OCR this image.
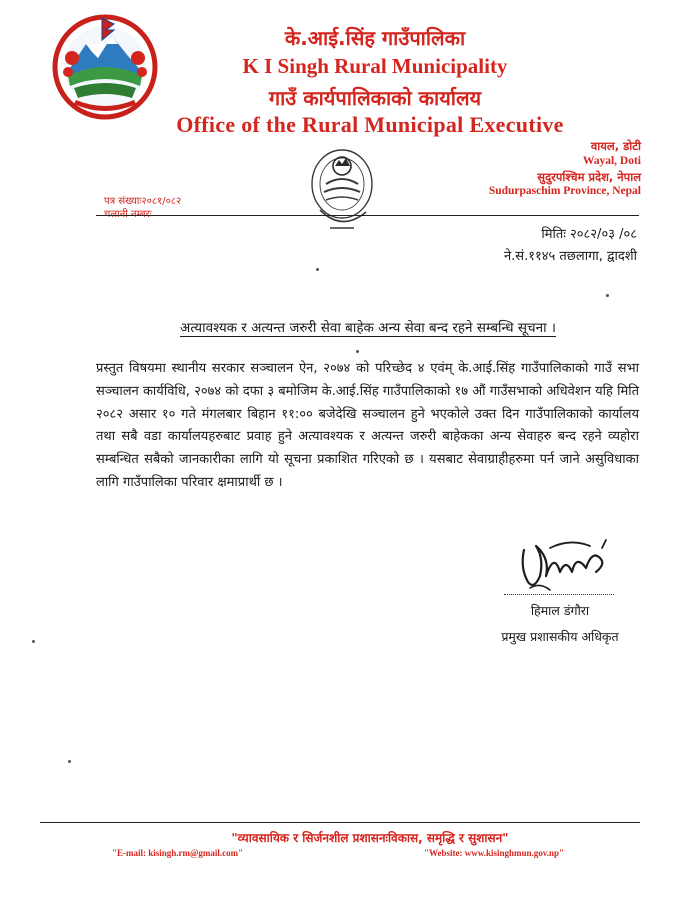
के.आई.सिंह गाउँपालिका
K I Singh Rural Municipality
गाउँ कार्यपालिकाको कार्यालय
Office of the Rural Municipal Executive
वायल, डोटी
Wayal, Doti
सुदुरपश्चिम प्रदेश, नेपाल
Sudurpaschim Province, Nepal
पत्र संख्याः२०८१/०८२
चलानी नम्बरः
मितिः २०८२/०३ /०८
ने.सं.११४५ तछलागा, द्वादशी
अत्यावश्यक र अत्यन्त जरुरी सेवा बाहेक अन्य सेवा बन्द रहने सम्बन्धि सूचना ।
प्रस्तुत विषयमा स्थानीय सरकार सञ्चालन ऐन, २०७४ को परिच्छेद ४ एवंम् के.आई.सिंह गाउँपालिकाको गाउँ सभा सञ्चालन कार्यविधि, २०७४ को दफा ३ बमोजिम के.आई.सिंह गाउँपालिकाको १७ औं गाउँसभाको अधिवेशन यहि मिति २०८२ असार १० गते मंगलबार बिहान ११:०० बजेदेखि सञ्चालन हुने भएकोले उक्त दिन गाउँपालिकाको कार्यालय तथा सबै वडा कार्यालयहरुबाट प्रवाह हुने अत्यावश्यक र अत्यन्त जरुरी बाहेकका अन्य सेवाहरु बन्द रहने व्यहोरा सम्बन्धित सबैको जानकारीका लागि यो सूचना प्रकाशित गरिएको छ । यसबाट सेवाग्राहीहरुमा पर्न जाने असुविधाका लागि गाउँपालिका परिवार क्षमाप्रार्थी छ ।
हिमाल डंगौरा
प्रमुख प्रशासकीय अधिकृत
"व्यावसायिक र सिर्जनशील प्रशासनःविकास, समृद्धि र सुशासन"
"E-mail: kisingh.rm@gmail.com"	"Website: www.kisinghmun.gov.np"
